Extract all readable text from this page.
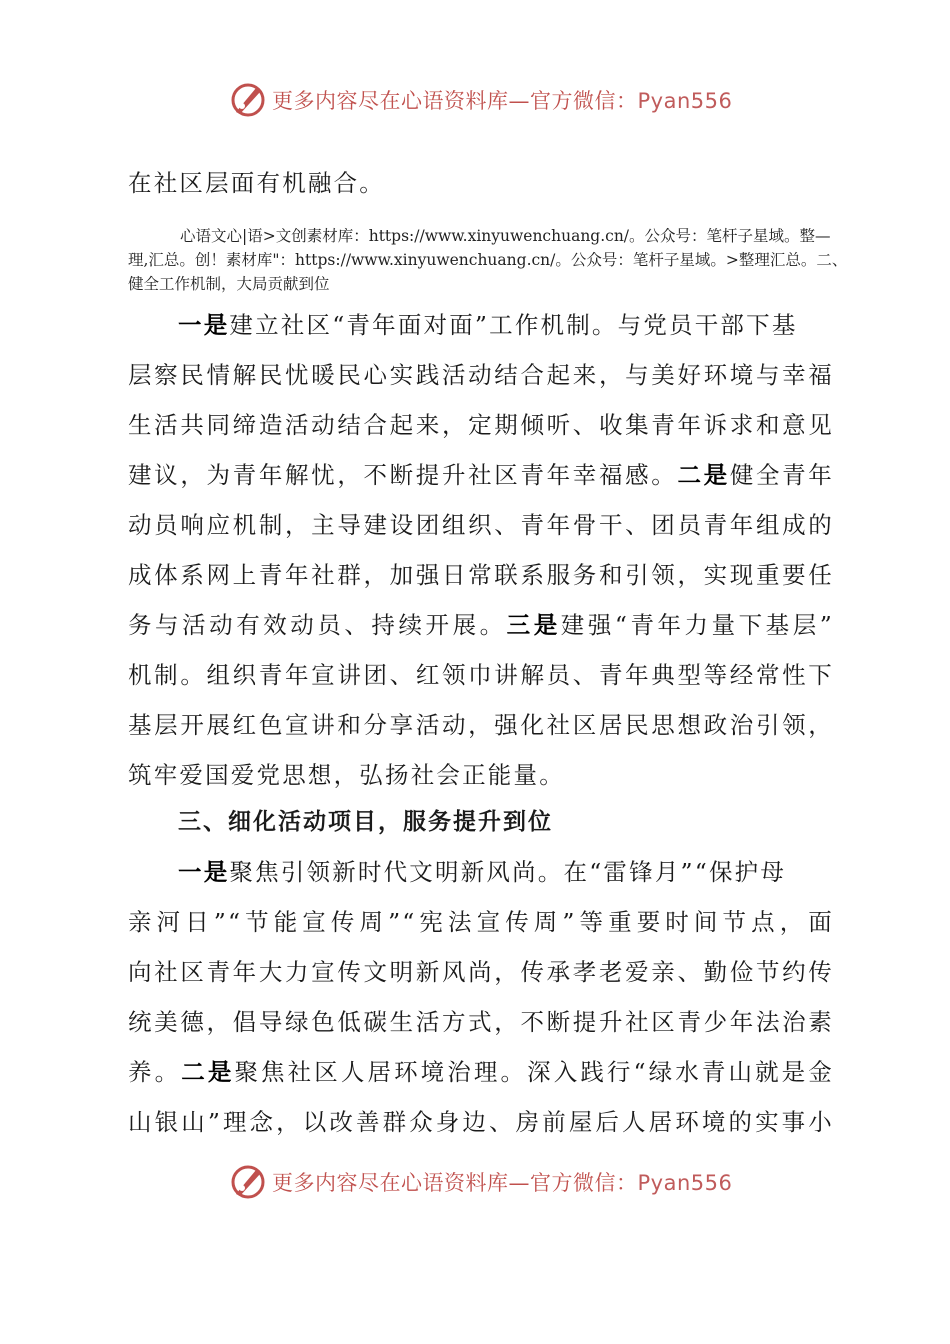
更多内容尽在心语资料库—官方微信：Pyan556
在社区层面有机融合。
心语文心|语>文创素材库：https://www.xinyuwenchuang.cn/。公众号：笔杆子星域。整—
理,汇总。创！素材库"：https://www.xinyuwenchuang.cn/。公众号：笔杆子星域。>整理汇总。二、
健全工作机制，大局贡献到位
一是建立社区“青年面对面”工作机制。与党员干部下基
层察民情解民忧暖民心实践活动结合起来，与美好环境与幸福
生活共同缔造活动结合起来，定期倾听、收集青年诉求和意见
建议，为青年解忧，不断提升社区青年幸福感。二是健全青年
动员响应机制，主导建设团组织、青年骨干、团员青年组成的
成体系网上青年社群，加强日常联系服务和引领，实现重要任
务与活动有效动员、持续开展。三是建强“青年力量下基层”
机制。组织青年宣讲团、红领巾讲解员、青年典型等经常性下
基层开展红色宣讲和分享活动，强化社区居民思想政治引领，
筑牢爱国爱党思想，弘扬社会正能量。
三、细化活动项目，服务提升到位
一是聚焦引领新时代文明新风尚。在“雷锋月”“保护母
亲河日”“节能宣传周”“宪法宣传周”等重要时间节点，面
向社区青年大力宣传文明新风尚，传承孝老爱亲、勤俭节约传
统美德，倡导绿色低碳生活方式，不断提升社区青少年法治素
养。二是聚焦社区人居环境治理。深入践行“绿水青山就是金
山银山”理念，以改善群众身边、房前屋后人居环境的实事小
更多内容尽在心语资料库—官方微信：Pyan556
